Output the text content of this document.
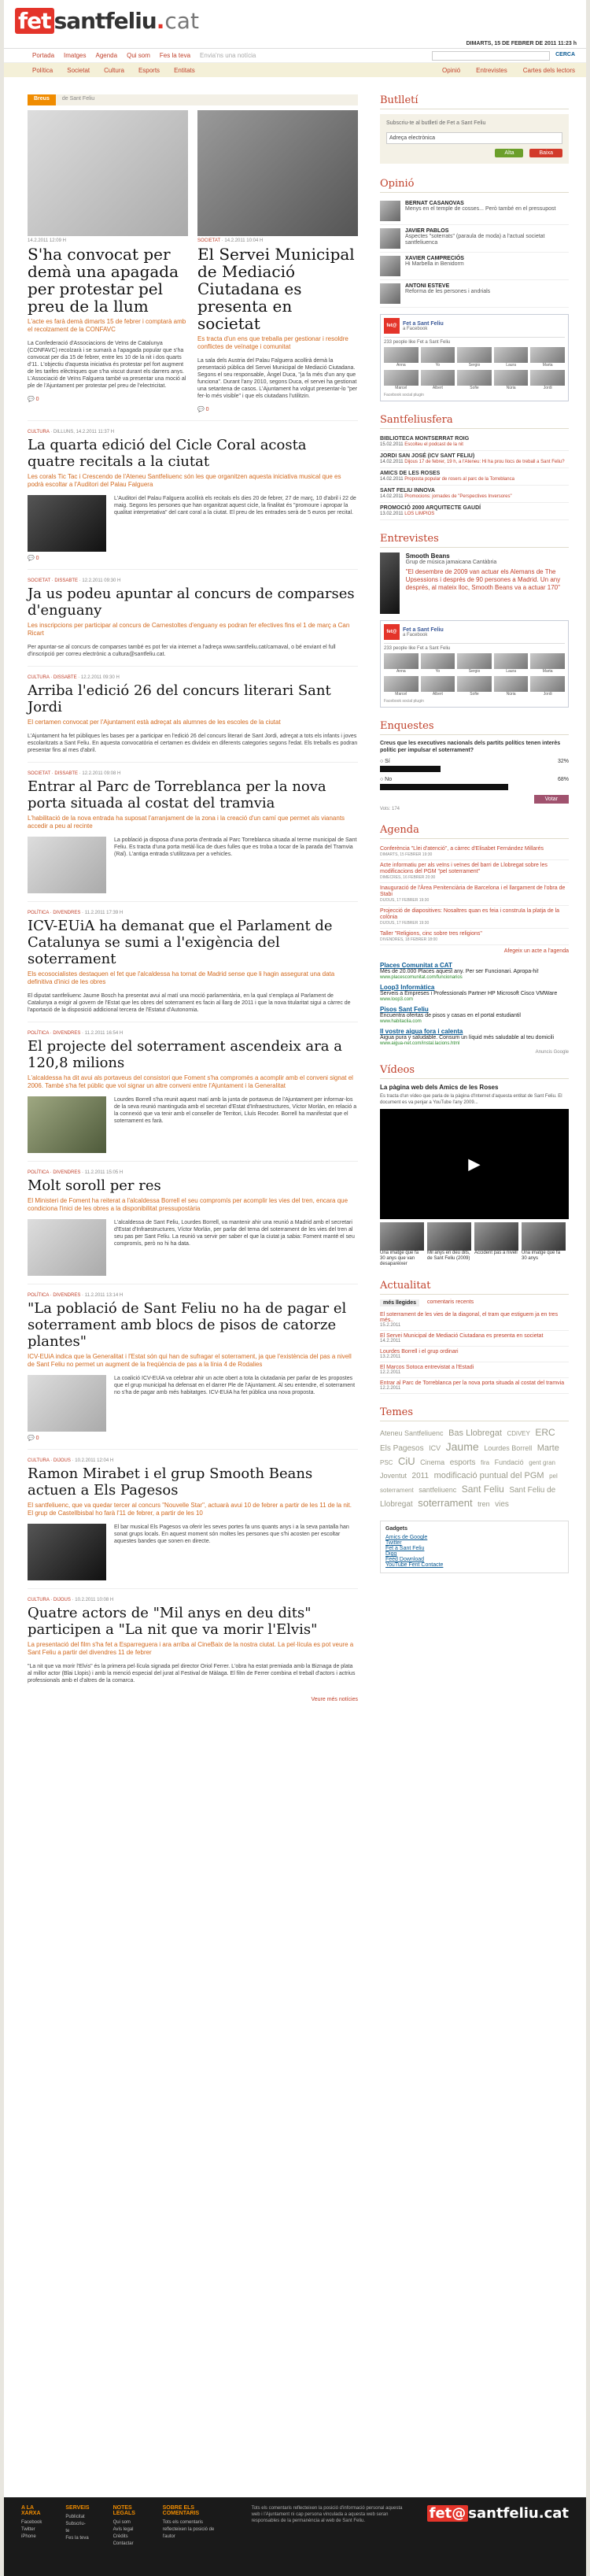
fet santfeliu . cat
DIMARTS, 15 DE FEBRER DE 2011 11:23 h
Portada Imatges Agenda Qui som Fes la teva Envia'ns una notícia	CERCA
Política Societat Cultura Esports Entitats	Opinió	Entrevistes	Cartes dels lectors
Breus	de Sant Feliu
14.2.2011 12:09 H
S'ha convocat per demà una apagada per protestar pel preu de la llum
L'acte es farà demà dimarts 15 de febrer i comptarà amb el recolzament de la CONFAVC
La Confederació d'Associacions de Veïns de Catalunya (CONFAVC) recolzarà i se sumarà a l'apagada popular que s'ha convocat per dia 15 de febrer, entre les 10 de la nit i dos quarts d'11. L'objectiu d'aquesta iniciativa és protestar pel fort augment de les tarifes elèctriques que s'ha viscut durant els darrers anys. L'Associació de Veïns Falguera també va presentar una moció al ple de l'Ajuntament per protestar pel preu de l'electricitat.
💬 0
SOCIETAT · 14.2.2011 10:04 H
El Servei Municipal de Mediació Ciutadana es presenta en societat
Es tracta d'un ens que treballa per gestionar i resoldre conflictes de veïnatge i comunitat
La sala dels Austria del Palau Falguera acollirà demà la presentació pública del Servei Municipal de Mediació Ciutadana. Segons el seu responsable, Àngel Duca, "ja fa més d'un any que funciona". Durant l'any 2010, segons Duca, el servei ha gestionat una setantena de casos. L'Ajuntament ha volgut presentar-lo "per fer-lo més visible" i que els ciutadans l'utilitzin.
💬 0
CULTURA · DILLUNS, 14.2.2011 11:37 H
La quarta edició del Cicle Coral acosta quatre recitals a la ciutat
Les corals Tic Tac i Crescendo de l'Ateneu Santfeliuenc són les que organitzen aquesta iniciativa musical que es podrà escoltar a l'Auditori del Palau Falguera
L'Auditori del Palau Falguera acollirà els recitals els dies 20 de febrer, 27 de març, 10 d'abril i 22 de maig. Segons les persones que han organitzat aquest cicle, la finalitat és "promoure i apropar la qualitat interpretativa" del cant coral a la ciutat. El preu de les entrades serà de 5 euros per recital.
💬 0
SOCIETAT · DISSABTE · 12.2.2011 09:30 H
Ja us podeu apuntar al concurs de comparses d'enguany
Les inscripcions per participar al concurs de Carnestoltes d'enguany es podran fer efectives fins el 1 de març a Can Ricart
Per apuntar-se al concurs de comparses també es pot fer via internet a l'adreça www.santfeliu.cat/carnaval, o bé enviant el full d'inscripció per correu electrònic a cultura@santfeliu.cat.
CULTURA · DISSABTE · 12.2.2011 09:30 H
Arriba l'edició 26 del concurs literari Sant Jordi
El certamen convocat per l'Ajuntament està adreçat als alumnes de les escoles de la ciutat
L'Ajuntament ha fet públiques les bases per a participar en l'edició 26 del concurs literari de Sant Jordi, adreçat a tots els infants i joves escolaritzats a Sant Feliu. En aquesta convocatòria el certamen es divideix en diferents categories segons l'edat. Els treballs es podran presentar fins al mes d'abril.
SOCIETAT · DISSABTE · 12.2.2011 09:08 H
Entrar al Parc de Torreblanca per la nova porta situada al costat del tramvia
L'habilitació de la nova entrada ha suposat l'arranjament de la zona i la creació d'un camí que permet als vianants accedir a peu al recinte
La població ja disposa d'una porta d'entrada al Parc Torreblanca situada al terme municipal de Sant Feliu. Es tracta d'una porta metàl·lica de dues fulles que es troba a tocar de la parada del Tramvia (Ral). L'antiga entrada s'utilitzava per a vehicles.
POLÍTICA · DIVENDRES · 11.2.2011 17:39 H
ICV-EUiA ha demanat que el Parlament de Catalunya se sumi a l'exigència del soterrament
Els ecosocialistes destaquen el fet que l'alcaldessa ha tornat de Madrid sense que li hagin assegurat una data definitiva d'inici de les obres
El diputat santfeliuenc Jaume Bosch ha presentat avui al matí una moció parlamentària, en la qual s'emplaça al Parlament de Catalunya a exigir al govern de l'Estat que les obres del soterrament es facin al llarg de 2011 i que la nova titularitat sigui a càrrec de l'aportació de la disposició addicional tercera de l'Estatut d'Autonomia.
POLÍTICA · DIVENDRES · 11.2.2011 16:54 H
El projecte del soterrament ascendeix ara a 120,8 milions
L'alcaldessa ha dit avui als portaveus del consistori que Foment s'ha compromès a acomplir amb el conveni signat el 2006. També s'ha fet públic que vol signar un altre conveni entre l'Ajuntament i la Generalitat
Lourdes Borrell s'ha reunit aquest matí amb la junta de portaveus de l'Ajuntament per informar-los de la seva reunió mantinguda amb el secretari d'Estat d'Infraestructures, Víctor Morlán, en relació a la connexió que va tenir amb el conseller de Territori, Lluís Recoder. Borrell ha manifestat que el soterrament es farà.
POLÍTICA · DIVENDRES · 11.2.2011 15:05 H
Molt soroll per res
El Ministeri de Foment ha reiterat a l'alcaldessa Borrell el seu compromís per acomplir les vies del tren, encara que condiciona l'inici de les obres a la disponibilitat pressupostària
L'alcaldessa de Sant Feliu, Lourdes Borrell, va mantenir ahir una reunió a Madrid amb el secretari d'Estat d'Infraestructures, Víctor Morlán, per parlar del tema del soterrament de les vies del tren al seu pas per Sant Feliu. La reunió va servir per saber el que la ciutat ja sabia: Foment manté el seu compromís, però no hi ha data.
POLÍTICA · DIVENDRES · 11.2.2011 13:14 H
"La població de Sant Feliu no ha de pagar el soterrament amb blocs de pisos de catorze plantes"
ICV-EUiA indica que la Generalitat i l'Estat són qui han de sufragar el soterrament, ja que l'existència del pas a nivell de Sant Feliu no permet un augment de la freqüència de pas a la línia 4 de Rodalies
La coalició ICV-EUiA va celebrar ahir un acte obert a tota la ciutadania per parlar de les propostes que el grup municipal ha defensat en el darrer Ple de l'Ajuntament. Al seu entendre, el soterrament no s'ha de pagar amb més habitatges. ICV-EUiA ha fet pública una nova proposta.
💬 0
CULTURA · DIJOUS · 10.2.2011 12:04 H
Ramon Mirabet i el grup Smooth Beans actuen a Els Pagesos
El santfeliuenc, que va quedar tercer al concurs "Nouvelle Star", actuarà avui 10 de febrer a partir de les 11 de la nit. El grup de Castellbisbal ho farà l'11 de febrer, a partir de les 10
El bar musical Els Pagesos va oferir les seves portes fa uns quants anys i a la seva pantalla han sonat grups locals. En aquest moment són moltes les persones que s'hi acosten per escoltar aquestes bandes que sonen en directe.
CULTURA · DIJOUS · 10.2.2011 10:08 H
Quatre actors de "Mil anys en deu dits" participen a "La nit que va morir l'Elvis"
La presentació del film s'ha fet a Esparreguera i ara arriba al CineBaix de la nostra ciutat. La pel·lícula es pot veure a Sant Feliu a partir del divendres 11 de febrer
"La nit que va morir l'Elvis" és la primera pel·lícula signada pel director Oriol Ferrer. L'obra ha estat premiada amb la Biznaga de plata al millor actor (Blai Llopis) i amb la menció especial del jurat al Festival de Màlaga. El film de Ferrer combina el treball d'actors i actrius professionals amb el d'altres de la comarca.
Veure més notícies
Butlletí
Subscriu-te al butlletí de Fet a Sant Feliu
Adreça electrònica
Alta	Baixa
Opinió
BERNAT CASANOVAS
Menys en el temple de cosses... Però també en el pressupost
JAVIER PABLOS
Aspectes "soterrats" (paraula de moda) a l'actual societat santfeliuenca
XAVIER CAMPRECIÓS
Hi Marbella in Benidorm
ANTONI ESTEVE
Reforma de les persones i andrials
fet@	Fet a Sant Feliu
a Facebook
233 people like Fet a Sant Feliu
Anna	Yo	Sergio	Laura	Marta
Marcel	Albert	Sofie	Núria	Jordi
Facebook social plugin
Santfeliusfera
BIBLIOTECA MONTSERRAT ROIG
15.02.2011 Escolteu el podcast de la nit
JORDI SAN JOSÉ (ICV SANT FELIU)
14.02.2011 Dijous 17 de febrer, 19 h, a l'Ateneu: Hi ha prou llocs de treball a Sant Feliu?
AMICS DE LES ROSES
14.02.2011 Proposta popular de rosers al parc de la Torreblanca
SANT FELIU INNOVA
14.02.2011 Promocions: jornades de "Perspectives Inversores"
PROMOCIÓ 2000 ARQUITECTE GAUDÍ
13.02.2011 LOS LIMPIOS
Entrevistes
Smooth Beans
Grup de música jamaicana Cantàbria
"El desembre de 2009 van actuar els Alemans de The Upsessions i després de 90 persones a Madrid. Un any després, al mateix lloc, Smooth Beans va a actuar 170"
fet@	Fet a Sant Feliu
a Facebook
233 people like Fet a Sant Feliu
Anna	Yo	Sergio	Laura	Marta
Marcel	Albert	Sofie	Núria	Jordi
Facebook social plugin
Enquestes
Creus que les executives nacionals dels partits polítics tenen interès polític per impulsar el soterrament?
○ Sí	32%
○ No	68%
Votar
Vots: 174
Agenda
Conferència "Llei d'atenció", a càrrec d'Elisabet Fernández Millarés
DIMARTS, 15 FEBRER 19:30
Acte informatiu per als veïns i veïnes del barri de Llobregat sobre les modificacions del PGM "pel soterrament"
DIMECRES, 16 FEBRER 20:30
Inauguració de l'Àrea Penitenciària de Barcelona i el llargament de l'obra de Stabi
DIJOUS, 17 FEBRER 19:30
Projecció de diapositives: Nosaltres quan es feia i construïa la platja de la colònia
DIJOUS, 17 FEBRER 19:30
Taller "Religions, cinc sobre tres religions"
DIVENDRES, 18 FEBRER 18:00
Afegeix un acte a l'agenda
Places Comunitat a CAT
Més de 20.000 Places aquest any. Per ser Funcionari. Apropa-hi!
www.placescomunitat.com/funcionarios
Loop3 Informàtica
Serveis a Empreses i Professionals Partner HP Microsoft Cisco VMWare
www.loop3.com
Pisos Sant Feliu
Encuentra ofertas de pisos y casas en el portal estudiantil
www.habitaclia.com
Il vostre aigua fora i calenta
Aigua pura y saludable. Consum un líquid més saludable al teu domicili
www.aigua-net.com/instal.lacions.html
Anuncis Google
Vídeos
La pàgina web dels Amics de les Roses
Es tracta d'un vídeo que parla de la pàgina d'Internet d'aquesta entitat de Sant Feliu. El document es va penjar a YouTube l'any 2009...
▶
Una imatge que fa 30 anys que van desaparèixer
Mil anys en deu dits, de Sant Feliu (2009)
Accident pas a nivell Una imatge que fa 30 anys
Actualitat
més llegides	comentaris recents
El soterrament de les vies de la diagonal, el tram que estiguem ja en tres més..
15.2.2011
El Servei Municipal de Mediació Ciutadana es presenta en societat
14.2.2011
Lourdes Borrell i el grup ordinari
13.2.2011
El Marcos Sotoca entrevistat a l'Estadi
12.2.2011
Entrar al Parc de Torreblanca per la nova porta situada al costat del tramvia
12.2.2011
Temes
Ateneu Santfeliuenc Bas Llobregat CDiVEY ERC Els Pagesos ICV Jaume Lourdes Borrell Marte PSC CiU Cinema esports fira Fundació gent gran Joventut 2011 modificació puntual del PGM pel soterrament santfeliuenc Sant Feliu Sant Feliu de Llobregat soterrament tren vies
Gadgets
Amics de Google
Twitter
Fet a Sant Feliu
Digg
Feed Download
YouTube Fent Contacte
A LA XARXA
Facebook
Twitter
iPhone
SERVEIS
Publicitat
Subscriu-te
Fes la teva
NOTES LEGALS
Qui som
Avís legal
Crèdits
Contactar
SOBRE ELS COMENTARIS
Tots els comentaris reflecteixen la posició de l'autor
Tots els comentaris reflecteixen la posició d'informació personal aquesta web i l'Ajuntament ni cap persona vinculada a aquesta web seran responsables de la permanència al web de Sant Feliu.	fet@ santfeliu.cat
